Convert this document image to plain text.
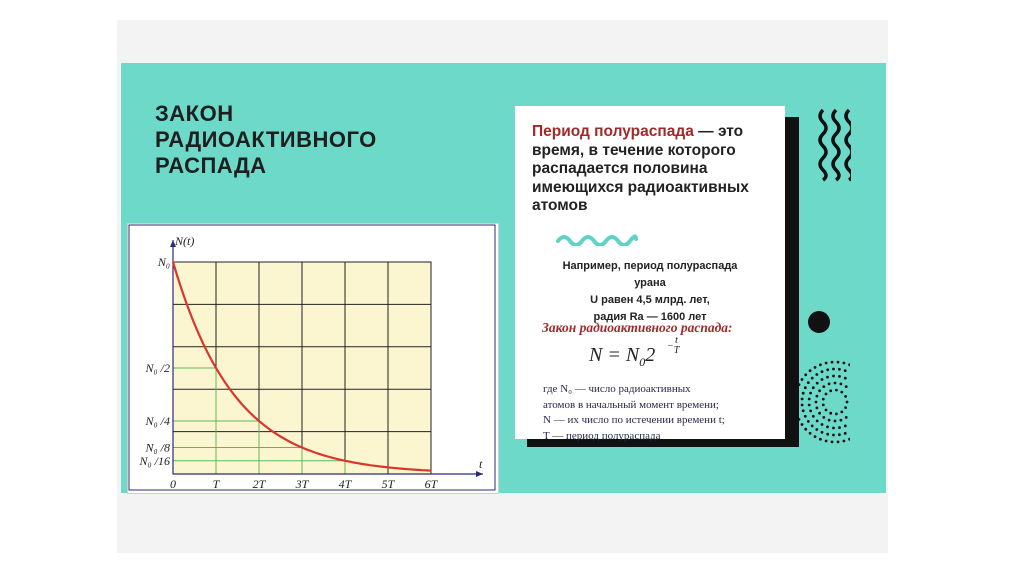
ЗАКОН
РАДИОАКТИВНОГО
РАСПАДА
0	T	2T	3T	4T	5T	6T
N₀
N₀ /2
N₀ /4
N₀ /8
N₀ /16
N(t)
t
Период полураспада — это время, в течение которого распадается половина имеющихся радиоактивных атомов
Например, период полураспада
урана
U равен 4,5 млрд. лет,
радия Ra — 1600 лет
Закон радиоактивного распада:
$N = N_02 - t$
T
где N₀ — число радиоактивных
атомов в начальный момент времени;
N — их число по истечении времени t;
T — период полураспада
